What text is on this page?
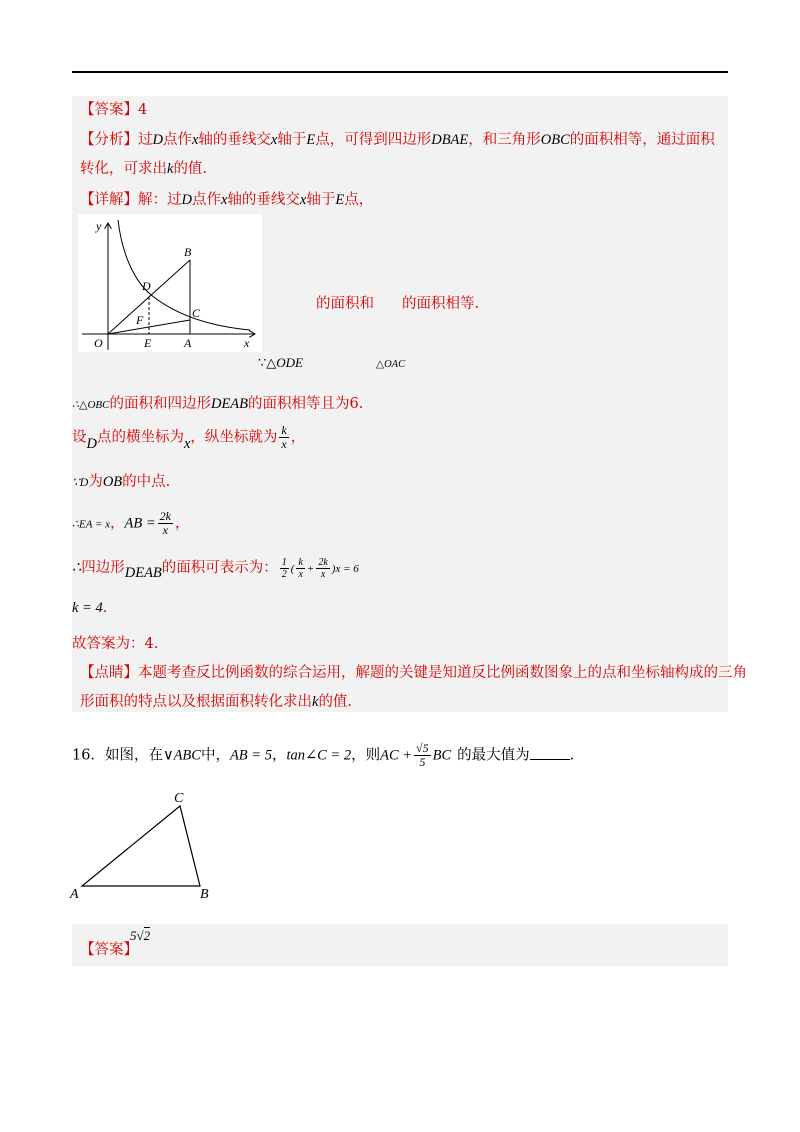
【答案】4
【分析】过D点作x轴的垂线交x轴于E点，可得到四边形DBAE，和三角形OBC的面积相等，通过面积
转化，可求出k的值.
【详解】解：过D点作x轴的垂线交x轴于E点，
y
x
O	E	A
B
C
D
F
的面积和 的面积相等.
∵△ODE	△OAC
∴△OBC的面积和四边形DEAB的面积相等且为6.
设D点的横坐标为x，纵坐标就为 $\frac{k}{x}$ ，
∵D为OB的中点.
∴EA = x，AB = $\frac{2k}{x}$ ，
∴四边形DEAB的面积可表示为： $\frac{1}{2}$ ( $\frac{k}{x} + \frac{2k}{x} )x = 6$
k = 4.
故答案为：4.
【点睛】本题考查反比例函数的综合运用，解题的关键是知道反比例函数图象上的点和坐标轴构成的三角
形面积的特点以及根据面积转化求出k的值.
16．如图，在∨ABC中，AB = 5，tan∠C = 2，则AC + $\frac{√5}{5}$ BC 的最大值为	.
A	B
C
【答案】
5√2
